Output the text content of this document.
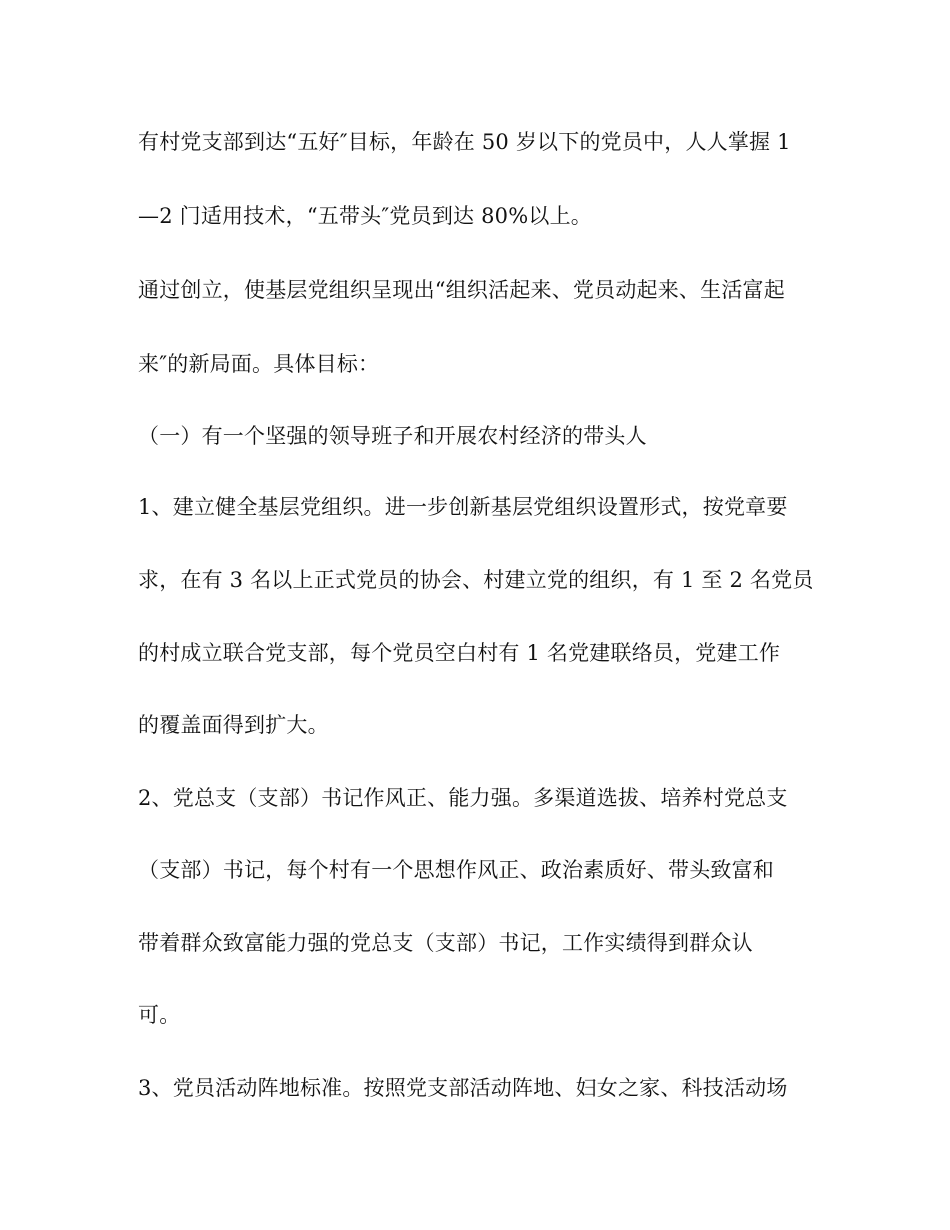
有村党支部到达“五好″目标，年龄在 50 岁以下的党员中，人人掌握 1
—2 门适用技术，“五带头″党员到达 80%以上。
通过创立，使基层党组织呈现出“组织活起来、党员动起来、生活富起
来″的新局面。具体目标：
（一）有一个坚强的领导班子和开展农村经济的带头人
1、建立健全基层党组织。进一步创新基层党组织设置形式，按党章要
求，在有 3 名以上正式党员的协会、村建立党的组织，有 1 至 2 名党员
的村成立联合党支部，每个党员空白村有 1 名党建联络员，党建工作
的覆盖面得到扩大。
2、党总支（支部）书记作风正、能力强。多渠道选拔、培养村党总支
（支部）书记，每个村有一个思想作风正、政治素质好、带头致富和
带着群众致富能力强的党总支（支部）书记，工作实绩得到群众认
可。
3、党员活动阵地标准。按照党支部活动阵地、妇女之家、科技活动场
